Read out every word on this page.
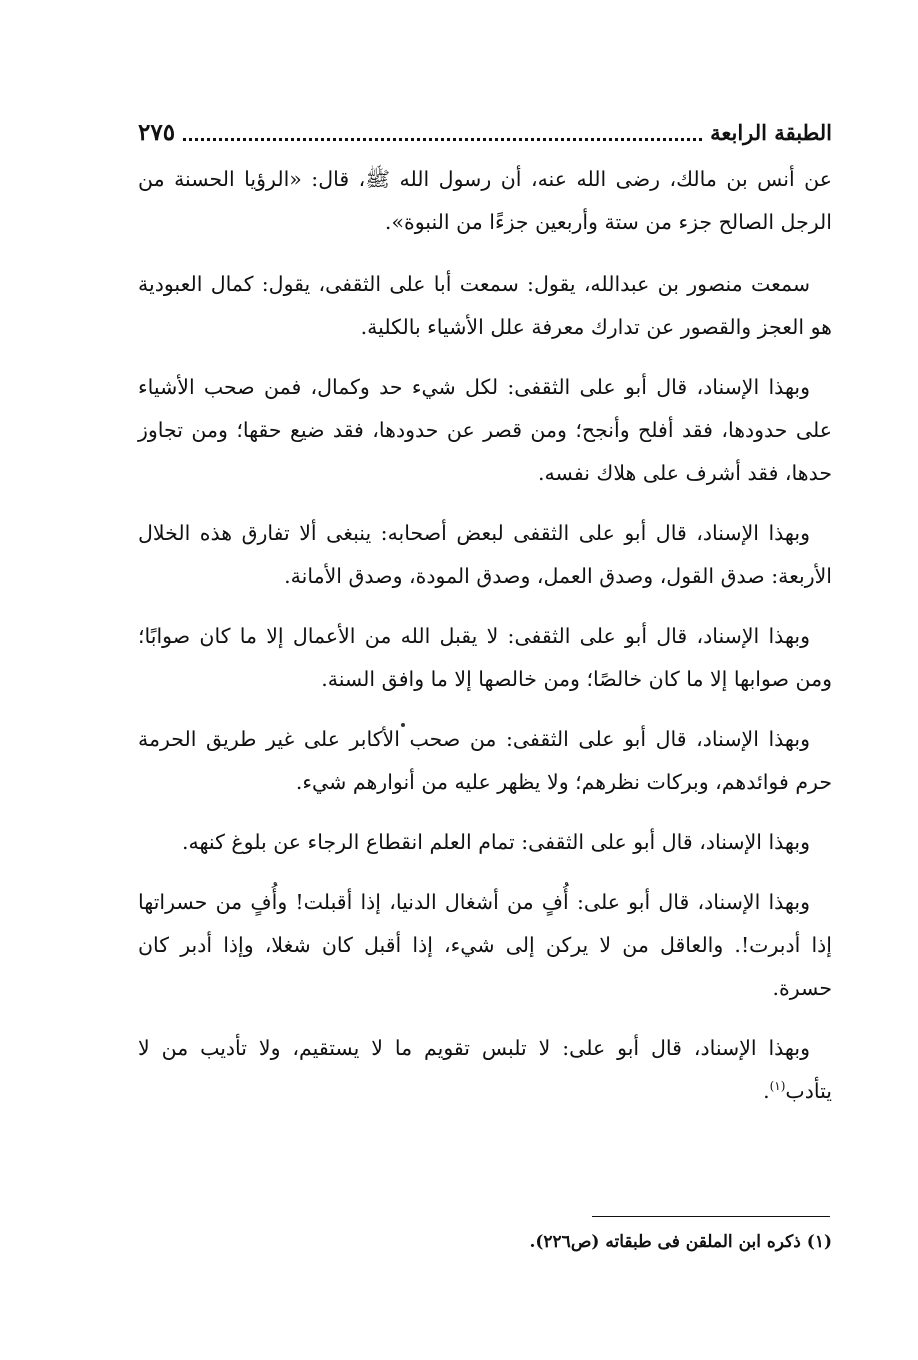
الطبقة الرابعة
٢٧٥

عن أنس بن مالك، رضى الله عنه، أن رسول الله ﷺ، قال: «الرؤيا الحسنة من الرجل الصالح جزء من ستة وأربعين جزءًا من النبوة».

سمعت منصور بن عبدالله، يقول: سمعت أبا على الثقفى، يقول: كمال العبودية هو العجز والقصور عن تدارك معرفة علل الأشياء بالكلية.

وبهذا الإسناد، قال أبو على الثقفى: لكل شيء حد وكمال، فمن صحب الأشياء على حدودها، فقد أفلح وأنجح؛ ومن قصر عن حدودها، فقد ضيع حقها؛ ومن تجاوز حدها، فقد أشرف على هلاك نفسه.

وبهذا الإسناد، قال أبو على الثقفى لبعض أصحابه: ينبغى ألا تفارق هذه الخلال الأربعة: صدق القول، وصدق العمل، وصدق المودة، وصدق الأمانة.

وبهذا الإسناد، قال أبو على الثقفى: لا يقبل الله من الأعمال إلا ما كان صوابًا؛ ومن صوابها إلا ما كان خالصًا؛ ومن خالصها إلا ما وافق السنة.

وبهذا الإسناد، قال أبو على الثقفى: من صحب الأكابر على غير طريق الحرمة حرم فوائدهم، وبركات نظرهم؛ ولا يظهر عليه من أنوارهم شيء.

وبهذا الإسناد، قال أبو على الثقفى: تمام العلم انقطاع الرجاء عن بلوغ كنهه.

وبهذا الإسناد، قال أبو على: أُفٍ من أشغال الدنيا، إذا أقبلت! وأُفٍ من حسراتها إذا أدبرت!. والعاقل من لا يركن إلى شيء، إذا أقبل كان شغلا، وإذا أدبر كان حسرة.

وبهذا الإسناد، قال أبو على: لا تلبس تقويم ما لا يستقيم، ولا تأديب من لا يتأدب$^{(١)}$.

(١) ذكره ابن الملقن فى طبقاته (ص٢٢٦).
